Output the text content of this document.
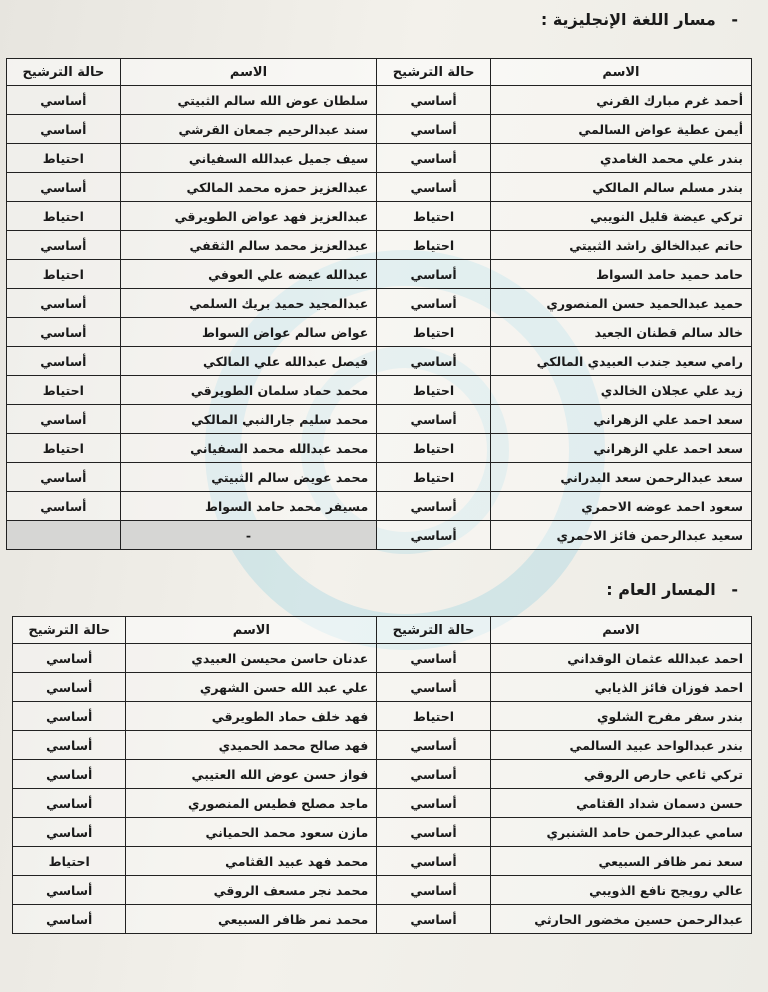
- مسار اللغة الإنجليزية :
الاسم	حالة الترشيح	الاسم	حالة الترشيح
أحمد غرم مبارك القرني	أساسي	سلطان عوض الله سالم الثبيتي	أساسي
أيمن عطية عواض السالمي	أساسي	سند عبدالرحيم جمعان القرشي	أساسي
بندر علي محمد الغامدي	أساسي	سيف جميل عبدالله السفياني	احتياط
بندر مسلم سالم المالكي	أساسي	عبدالعزيز حمزه محمد المالكي	أساسي
تركي عيضة قليل النويبي	احتياط	عبدالعزيز فهد عواض الطويرقي	احتياط
حاتم عبدالخالق راشد الثبيتي	احتياط	عبدالعزيز محمد سالم الثقفي	أساسي
حامد حميد حامد السواط	أساسي	عبدالله عيضه علي العوفي	احتياط
حميد عبدالحميد حسن المنصوري	أساسي	عبدالمجيد حميد بريك السلمي	أساسي
خالد سالم قطنان الجعيد	احتياط	عواض سالم عواض السواط	أساسي
رامي سعيد جندب العبيدي المالكي	أساسي	فيصل عبدالله علي المالكي	أساسي
زيد علي عجلان الخالدي	احتياط	محمد حماد سلمان الطويرقي	احتياط
سعد احمد علي الزهراني	أساسي	محمد سليم جارالنبي المالكي	أساسي
سعد احمد علي الزهراني	احتياط	محمد عبدالله محمد السفياني	احتياط
سعد عبدالرحمن سعد البدراني	احتياط	محمد عويض سالم الثبيتي	أساسي
سعود احمد عوضه الاحمري	أساسي	مسيفر محمد حامد السواط	أساسي
سعيد عبدالرحمن فائز الاحمري	أساسي	-	
- المسار العام :
الاسم	حالة الترشيح	الاسم	حالة الترشيح
احمد عبدالله عثمان الوقداني	أساسي	عدنان حاسن محيسن العبيدي	أساسي
احمد فوزان فائز الذيابي	أساسي	علي عبد الله حسن الشهري	أساسي
بندر سفر مفرح الشلوي	احتياط	فهد خلف حماد الطويرقي	أساسي
بندر عبدالواحد عبيد السالمي	أساسي	فهد صالح محمد الحميدي	أساسي
تركي ثاعي حارص الروقي	أساسي	فواز حسن عوض الله العتيبي	أساسي
حسن دسمان شداد القثامي	أساسي	ماجد مصلح فطيس المنصوري	أساسي
سامي عبدالرحمن حامد الشنبري	أساسي	مازن سعود محمد الحمياني	أساسي
سعد نمر ظافر السبيعي	أساسي	محمد فهد عبيد القثامي	احتياط
عالي رويجح نافع الذويبي	أساسي	محمد نجر مسعف الروقي	أساسي
عبدالرحمن حسين مخضور الحارثي	أساسي	محمد نمر ظافر السبيعي	أساسي
